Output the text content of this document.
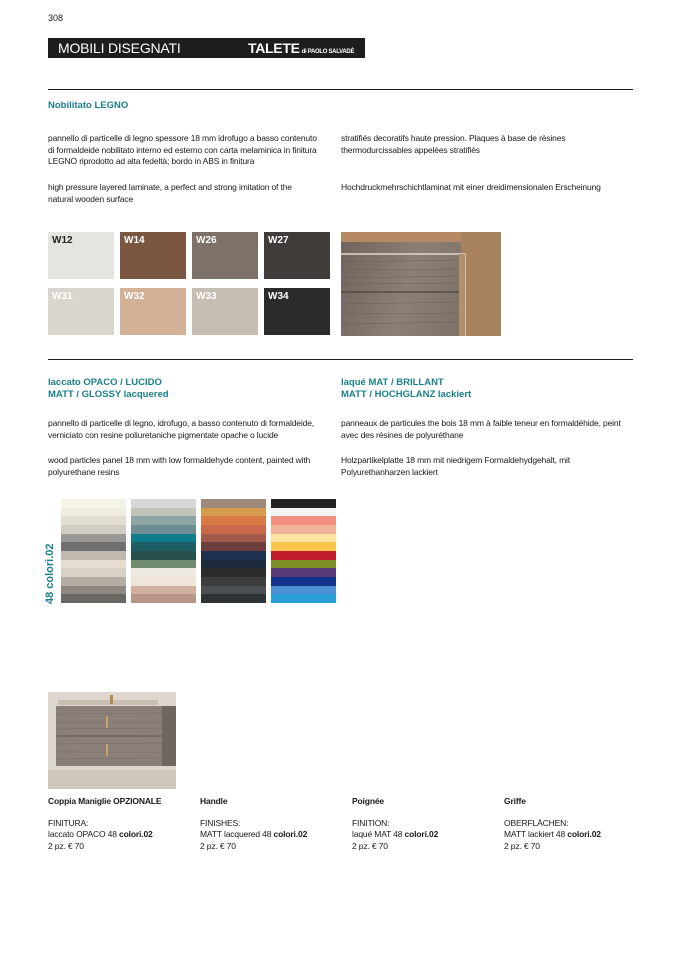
308
MOBILI DISEGNATI	TALETE di PAOLO SALVADÈ
Nobilitato LEGNO
pannello di particelle di legno spessore 18 mm idrofugo a basso contenuto di formaldeide nobilitato interno ed esterno con carta melaminica in finitura LEGNO riprodotto ad alta fedeltà; bordo in ABS in finitura
stratifiés decoratifs haute pression. Plaques à base de rèsines thermodurcissables appelèes stratifiès
high pressure layered laminate, a perfect and strong imitation of the natural wooden surface
Hochdruckmehrschichtlaminat mit einer dreidimensionalen Erscheinung
W12	W14	W26	W27
W31	W32	W33	W34
laccato OPACO / LUCIDO
MATT / GLOSSY lacquered
laqué MAT / BRILLANT
MATT / HOCHGLANZ lackiert
pannello di particelle di legno, idrofugo, a basso contenuto di formaldeide, verniciato con resine poliuretaniche pigmentate opache o lucide
panneaux de particules the bois 18 mm à faible teneur en formaldéhide, peint avec des résines de polyuréthane
wood particles panel 18 mm with low formaldehyde content, painted with polyurethane resins
Holzpartikelplatte 18 mm mit niedrigem Formaldehydgehalt, mit Polyurethanharzen lackiert
48 colori.02
Coppia Maniglie OPZIONALE
FINITURA:
laccato OPACO 48 colori.02
2 pz. € 70
Handle
FINISHES:
MATT lacquered 48 colori.02
2 pz. € 70
Poignée
FINITION:
laqué MAT 48 colori.02
2 pz. € 70
Griffe
OBERFLÄCHEN:
MATT lackiert 48 colori.02
2 pz. € 70
